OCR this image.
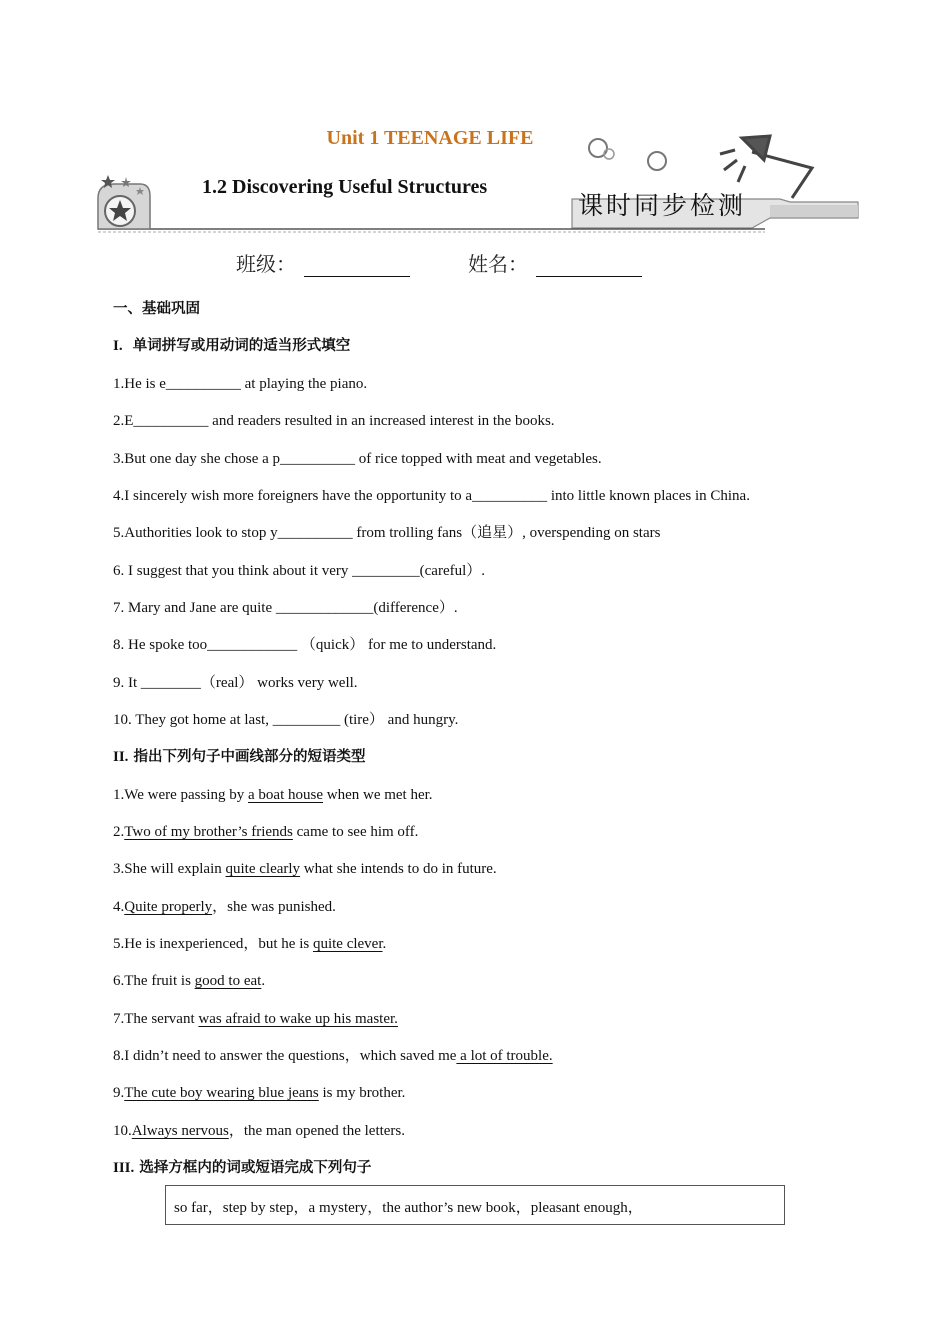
Unit 1 TEENAGE LIFE
1.2 Discovering Useful Structures
课时同步检测
班级：	姓名：
一、基础巩固
I. 单词拼写或用动词的适当形式填空
1.He is e__________ at playing the piano.
2.E__________ and readers resulted in an increased interest in the books.
3.But one day she chose a p__________ of rice topped with meat and vegetables.
4.I sincerely wish more foreigners have the opportunity to a__________ into little known places in China.
5.Authorities look to stop y__________ from trolling fans（追星）, overspending on stars
6. I suggest that you think about it very _________(careful）.
7. Mary and Jane are quite _____________(difference）.
8. He spoke too____________ （quick） for me to understand.
9. It ________（real） works very well.
10. They got home at last, _________ (tire） and hungry.
II. 指出下列句子中画线部分的短语类型
1.We were passing by a boat house when we met her.
2.Two of my brother’s friends came to see him off.
3.She will explain quite clearly what she intends to do in future.
4.Quite properly，she was punished.
5.He is inexperienced，but he is quite clever.
6.The fruit is good to eat.
7.The servant was afraid to wake up his master.
8.I didn’t need to answer the questions，which saved me a lot of trouble.
9.The cute boy wearing blue jeans is my brother.
10.Always nervous，the man opened the letters.
III. 选择方框内的词或短语完成下列句子
so far，step by step，a mystery，the author’s new book，pleasant enough，
